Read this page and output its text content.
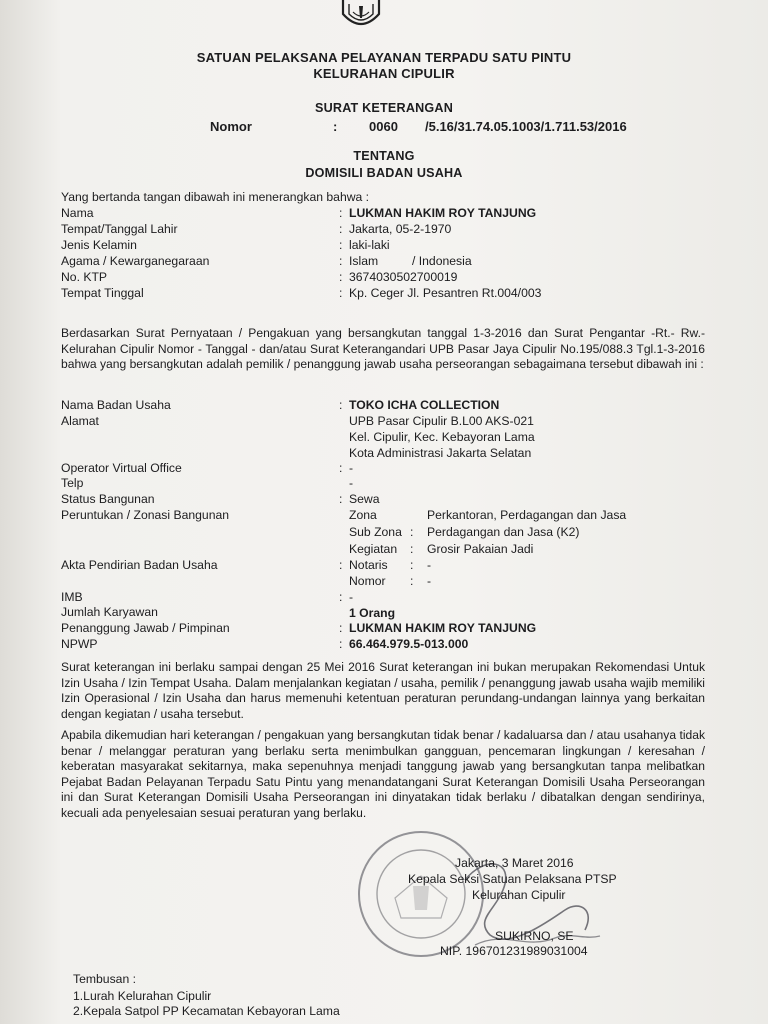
SATUAN PELAKSANA PELAYANAN TERPADU SATU PINTU
KELURAHAN CIPULIR
SURAT KETERANGAN
Nomor	: 0060 /5.16/31.74.05.1003/1.711.53/2016
TENTANG
DOMISILI BADAN USAHA
Yang bertanda tangan dibawah ini menerangkan bahwa :
Nama	: LUKMAN HAKIM ROY TANJUNG
Tempat/Tanggal Lahir	: Jakarta, 05-2-1970
Jenis Kelamin	: laki-laki
Agama / Kewarganegaraan	: Islam          / Indonesia
No. KTP	: 3674030502700019
Tempat Tinggal	: Kp. Ceger Jl. Pesantren Rt.004/003
Berdasarkan Surat Pernyataan / Pengakuan yang bersangkutan tanggal 1-3-2016 dan Surat Pengantar -Rt.- Rw.- Kelurahan Cipulir Nomor - Tanggal - dan/atau Surat Keterangandari UPB Pasar Jaya Cipulir No.195/088.3 Tgl.1-3-2016 bahwa yang bersangkutan adalah pemilik / penanggung jawab usaha perseorangan sebagaimana tersebut dibawah ini :
Nama Badan Usaha	: TOKO ICHA COLLECTION
Alamat	UPB Pasar Cipulir B.L00 AKS-021
Kel. Cipulir, Kec. Kebayoran Lama
Kota Administrasi Jakarta Selatan
Operator Virtual Office	: -
Telp	-
Status Bangunan	: Sewa
Peruntukan / Zonasi Bangunan	Zona	Perkantoran, Perdagangan dan Jasa
Sub Zona : Perdagangan dan Jasa (K2)
Kegiatan : Grosir Pakaian Jadi
Akta Pendirian Badan Usaha	: Notaris : -
Nomor : -
IMB	: -
Jumlah Karyawan	1 Orang
Penanggung Jawab / Pimpinan	: LUKMAN HAKIM ROY TANJUNG
NPWP	: 66.464.979.5-013.000
Surat keterangan ini berlaku sampai dengan 25 Mei 2016 Surat keterangan ini bukan merupakan Rekomendasi Untuk Izin Usaha / Izin Tempat Usaha. Dalam menjalankan kegiatan / usaha, pemilik / penanggung jawab usaha wajib memiliki Izin Operasional / Izin Usaha dan harus memenuhi ketentuan peraturan perundang-undangan lainnya yang berkaitan dengan kegiatan / usaha tersebut.
Apabila dikemudian hari keterangan / pengakuan yang bersangkutan tidak benar / kadaluarsa dan / atau usahanya tidak benar / melanggar peraturan yang berlaku serta menimbulkan gangguan, pencemaran lingkungan / keresahan / keberatan masyarakat sekitarnya, maka sepenuhnya menjadi tanggung jawab yang bersangkutan tanpa melibatkan Pejabat Badan Pelayanan Terpadu Satu Pintu yang menandatangani Surat Keterangan Domisili Usaha Perseorangan ini dan Surat Keterangan Domisili Usaha Perseorangan ini dinyatakan tidak berlaku / dibatalkan dengan sendirinya, kecuali ada penyelesaian sesuai peraturan yang berlaku.
Jakarta, 3 Maret 2016
Kepala Seksi Satuan Pelaksana PTSP
Kelurahan Cipulir
SUKIRNO, SE
NIP. 196701231989031004
Tembusan :
1.Lurah Kelurahan Cipulir
2.Kepala Satpol PP Kecamatan Kebayoran Lama
